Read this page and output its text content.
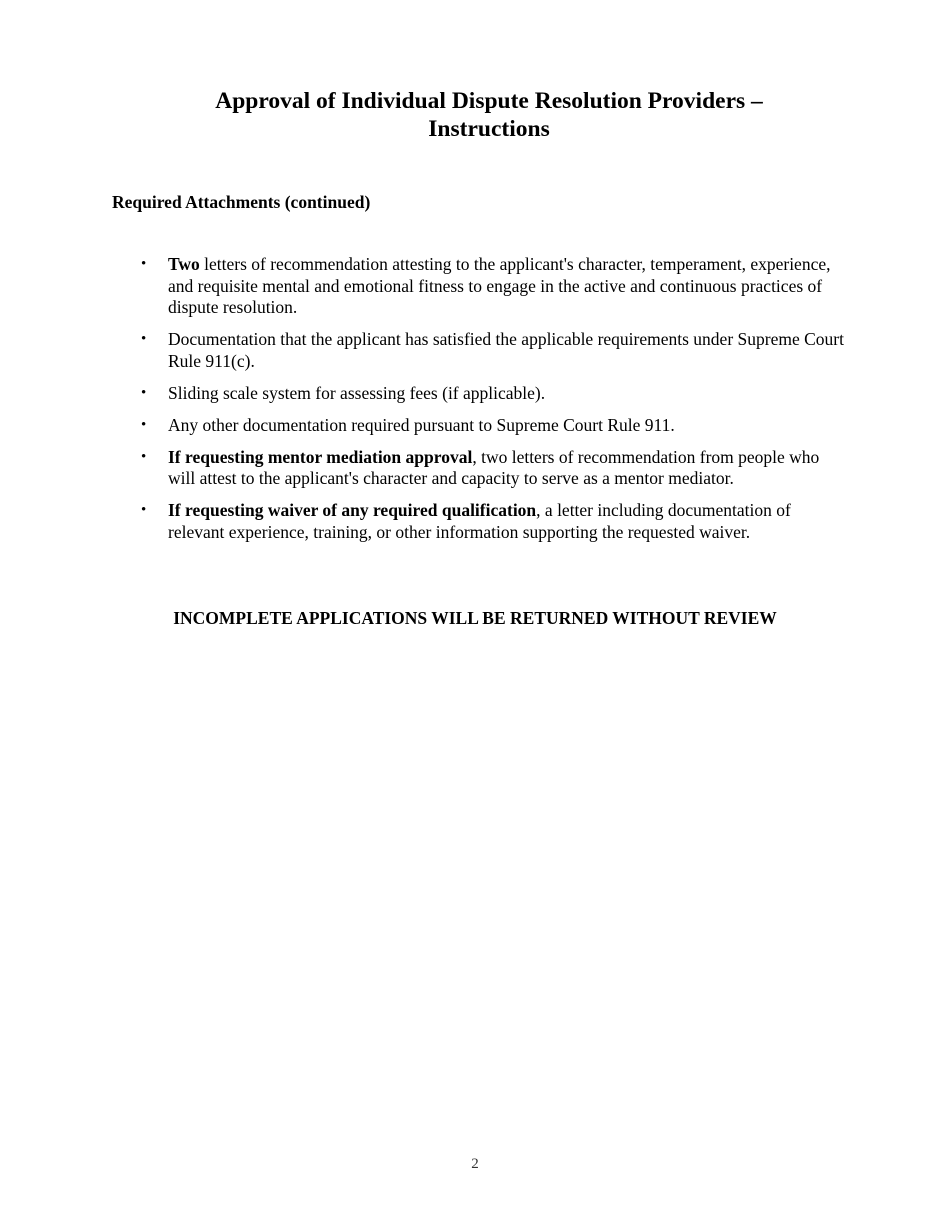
Approval of Individual Dispute Resolution Providers –
Instructions
Required Attachments (continued)
• Two letters of recommendation attesting to the applicant's character, temperament, experience, and requisite mental and emotional fitness to engage in the active and continuous practices of dispute resolution.
• Documentation that the applicant has satisfied the applicable requirements under Supreme Court Rule 911(c).
• Sliding scale system for assessing fees (if applicable).
• Any other documentation required pursuant to Supreme Court Rule 911.
• If requesting mentor mediation approval, two letters of recommendation from people who will attest to the applicant's character and capacity to serve as a mentor mediator.
• If requesting waiver of any required qualification, a letter including documentation of relevant experience, training, or other information supporting the requested waiver.

INCOMPLETE APPLICATIONS WILL BE RETURNED WITHOUT REVIEW

2
